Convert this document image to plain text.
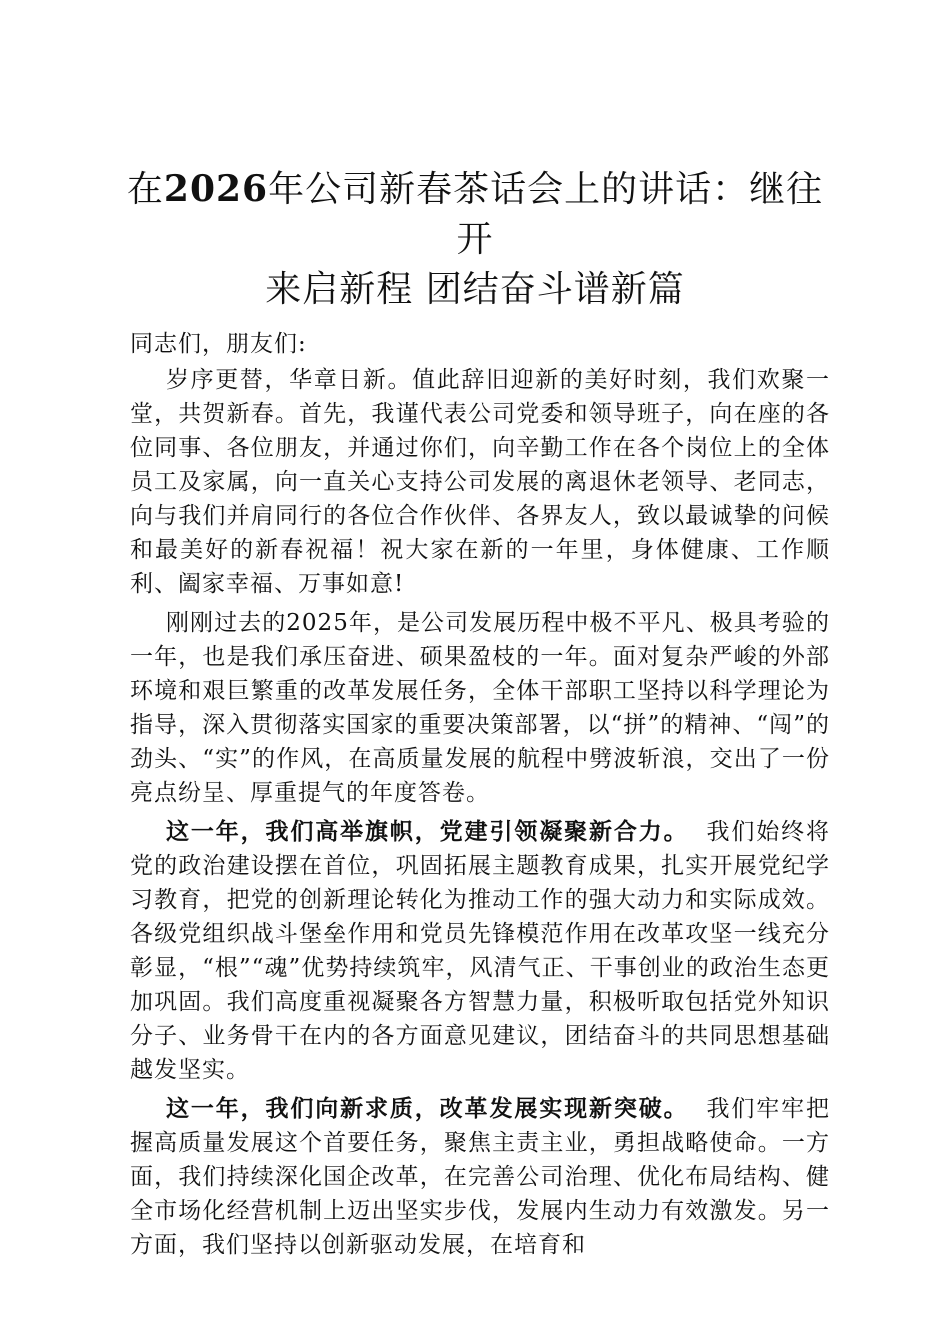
在2026年公司新春茶话会上的讲话：继往开
来启新程 团结奋斗谱新篇

同志们，朋友们:

岁序更替，华章日新。值此辞旧迎新的美好时刻，我们欢聚一堂，共贺新春。首先，我谨代表公司党委和领导班子，向在座的各位同事、各位朋友，并通过你们，向辛勤工作在各个岗位上的全体员工及家属，向一直关心支持公司发展的离退休老领导、老同志，向与我们并肩同行的各位合作伙伴、各界友人，致以最诚挚的问候和最美好的新春祝福！祝大家在新的一年里，身体健康、工作顺利、阖家幸福、万事如意!

刚刚过去的2025年，是公司发展历程中极不平凡、极具考验的一年，也是我们承压奋进、硕果盈枝的一年。面对复杂严峻的外部环境和艰巨繁重的改革发展任务，全体干部职工坚持以科学理论为指导，深入贯彻落实国家的重要决策部署，以“拼”的精神、“闯”的劲头、“实”的作风，在高质量发展的航程中劈波斩浪，交出了一份亮点纷呈、厚重提气的年度答卷。

这一年，我们高举旗帜，党建引领凝聚新合力。 我们始终将党的政治建设摆在首位，巩固拓展主题教育成果，扎实开展党纪学习教育，把党的创新理论转化为推动工作的强大动力和实际成效。各级党组织战斗堡垒作用和党员先锋模范作用在改革攻坚一线充分彰显，“根”“魂”优势持续筑牢，风清气正、干事创业的政治生态更加巩固。我们高度重视凝聚各方智慧力量，积极听取包括党外知识分子、业务骨干在内的各方面意见建议，团结奋斗的共同思想基础越发坚实。

这一年，我们向新求质，改革发展实现新突破。 我们牢牢把握高质量发展这个首要任务，聚焦主责主业，勇担战略使命。一方面，我们持续深化国企改革，在完善公司治理、优化布局结构、健全市场化经营机制上迈出坚实步伐，发展内生动力有效激发。另一方面，我们坚持以创新驱动发展，在培育和
